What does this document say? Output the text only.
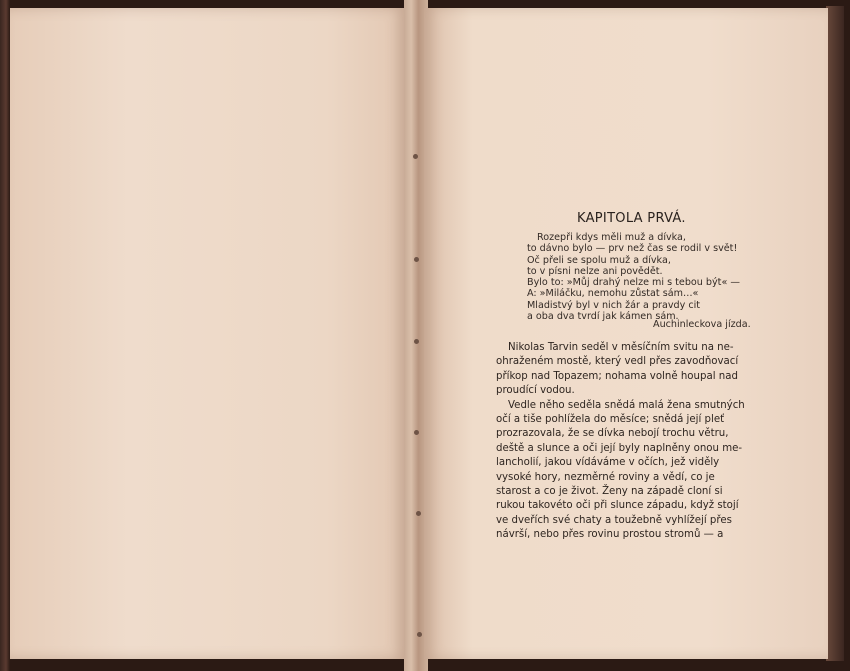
KAPITOLA PRVÁ.
Rozepři kdys měli muž a dívka,
to dávno bylo — prv než čas se rodil v svět!
Oč přeli se spolu muž a dívka,
to v písni nelze ani povědět.
Bylo to: »Můj drahý nelze mi s tebou být« —
A: »Miláčku, nemohu zůstat sám…«
Mladistvý byl v nich žár a pravdy cit
a oba dva tvrdí jak kámen sám.
Auchinleckova jízda.
Nikolas Tarvin seděl v měsíčním svitu na ne-
ohraženém mostě, který vedl přes zavodňovací
příkop nad Topazem; nohama volně houpal nad
proudící vodou.
Vedle něho seděla snědá malá žena smutných
očí a tiše pohlížela do měsíce; snědá její pleť
prozrazovala, že se dívka nebojí trochu větru,
deště a slunce a oči její byly naplněny onou me-
lancholií, jakou vídáváme v očích, jež viděly
vysoké hory, nezměrné roviny a vědí, co je
starost a co je život. Ženy na západě cloní si
rukou takovéto oči při slunce západu, když stojí
ve dveřích své chaty a toužebně vyhlížejí přes
návrší, nebo přes rovinu prostou stromů — a
